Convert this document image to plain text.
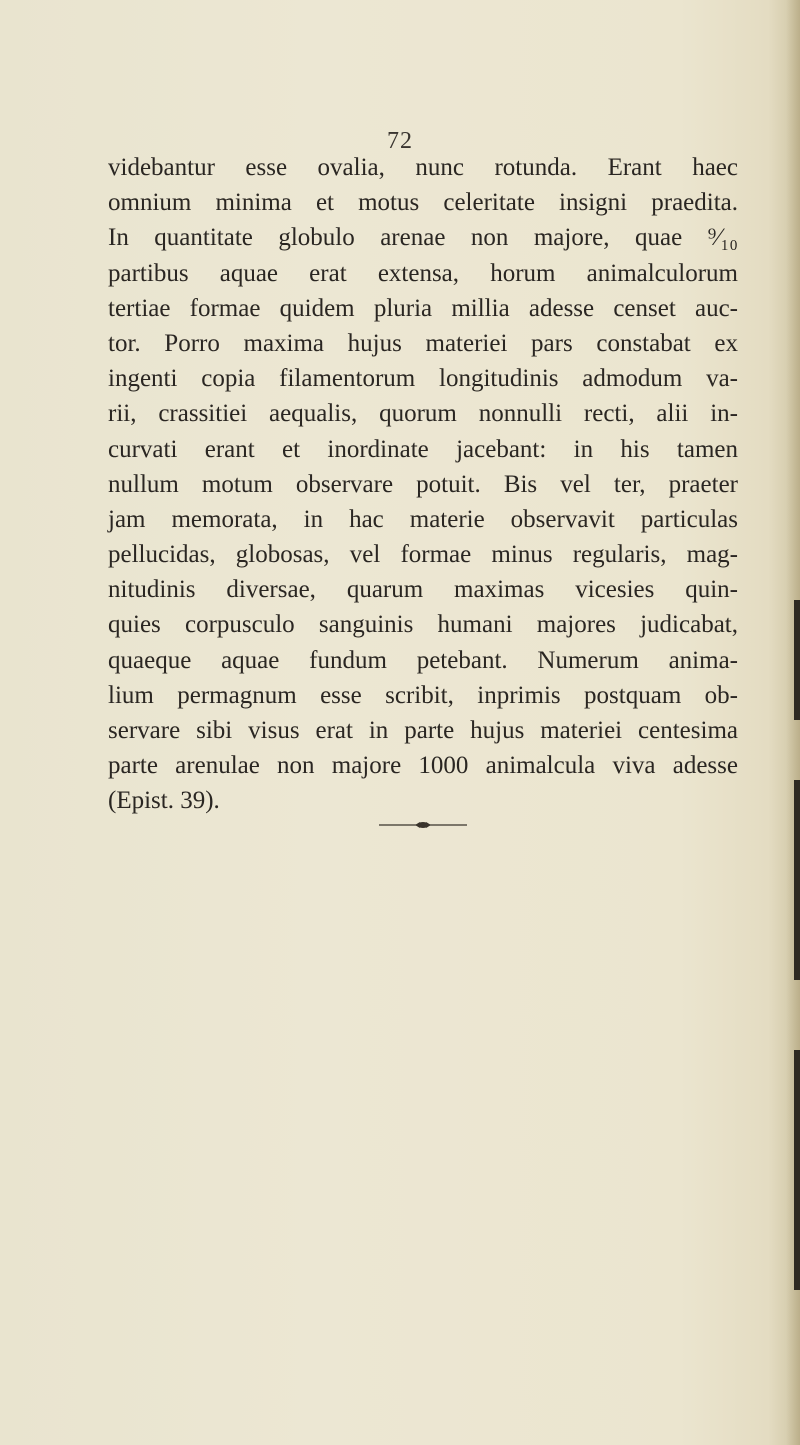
72
videbantur esse ovalia, nunc rotunda. Erant haec
omnium minima et motus celeritate insigni praedita.
In quantitate globulo arenae non majore, quae ⁹⁄₁₀
partibus aquae erat extensa, horum animalculorum
tertiae formae quidem pluria millia adesse censet auc-
tor. Porro maxima hujus materiei pars constabat ex
ingenti copia filamentorum longitudinis admodum va-
rii, crassitiei aequalis, quorum nonnulli recti, alii in-
curvati erant et inordinate jacebant: in his tamen
nullum motum observare potuit. Bis vel ter, praeter
jam memorata, in hac materie observavit particulas
pellucidas, globosas, vel formae minus regularis, mag-
nitudinis diversae, quarum maximas vicesies quin-
quies corpusculo sanguinis humani majores judicabat,
quaeque aquae fundum petebant. Numerum anima-
lium permagnum esse scribit, inprimis postquam ob-
servare sibi visus erat in parte hujus materiei centesima
parte arenulae non majore 1000 animalcula viva adesse
(Epist. 39).
